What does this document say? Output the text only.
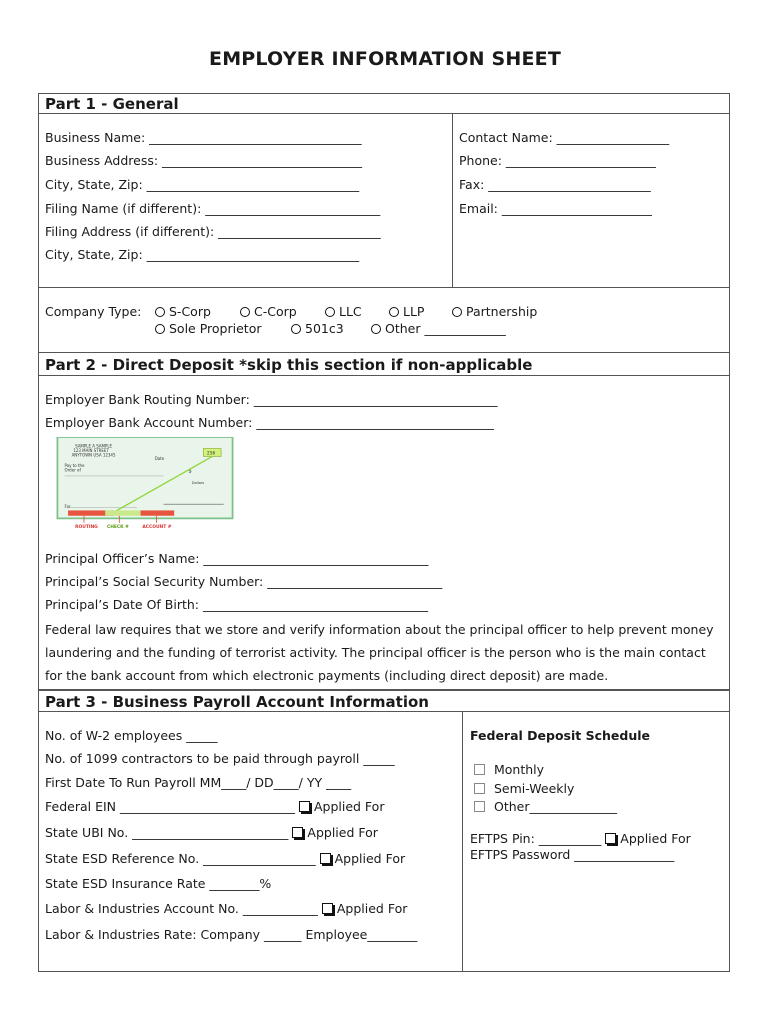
EMPLOYER INFORMATION SHEET
Part 1 - General
Business Name: __________________________________
Business Address: ________________________________
City, State, Zip: __________________________________
Filing Name (if different): ____________________________
Filing Address (if different): __________________________
City, State, Zip: __________________________________
Contact Name: __________________
Phone: ________________________
Fax: __________________________
Email: ________________________
Company Type:	S-Corp	C-Corp	LLC	LLP	Partnership
Sole Proprietor	501c3	Other _____________
Part 2 - Direct Deposit *skip this section if non-applicable
Employer Bank Routing Number: _______________________________________
Employer Bank Account Number: ______________________________________
SAMPLE A SAMPLE
123 MAIN STREET
ANYTOWN USA 12345
Pay to the
Order of
Date
256
$
Dollars
For
ROUTING CHECK #	ACCOUNT #
Principal Officer’s Name: ____________________________________
Principal’s Social Security Number: ____________________________
Principal’s Date Of Birth: ____________________________________
Federal law requires that we store and verify information about the principal officer to help prevent money
laundering and the funding of terrorist activity. The principal officer is the person who is the main contact
for the bank account from which electronic payments (including direct deposit) are made.
Part 3 - Business Payroll Account Information
No. of W-2 employees _____
No. of 1099 contractors to be paid through payroll _____
First Date To Run Payroll MM____/ DD____/ YY ____
Federal EIN ____________________________ Applied For
State UBI No. _________________________ Applied For
State ESD Reference No. __________________ Applied For
State ESD Insurance Rate ________%
Labor & Industries Account No. ____________ Applied For
Labor & Industries Rate: Company ______ Employee________
Federal Deposit Schedule
Monthly
Semi-Weekly
Other______________
EFTPS Pin: __________ Applied For
EFTPS Password ________________
